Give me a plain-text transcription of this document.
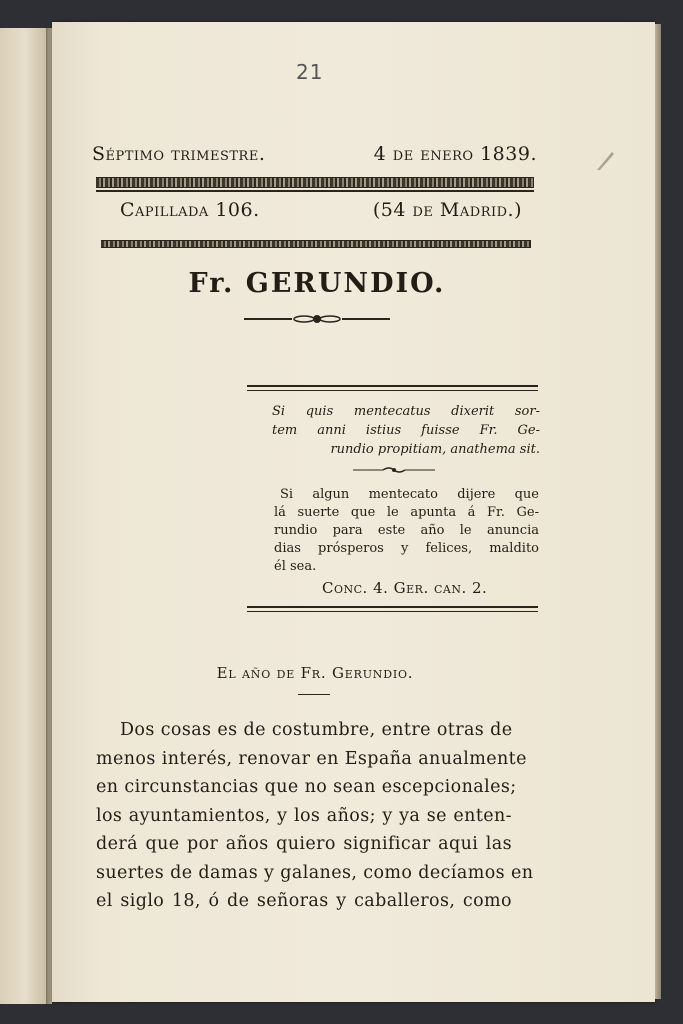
21
Séptimo trimestre.	4 de enero 1839.
Capillada 106.	(54 de Madrid.)
Fr. GERUNDIO.
Si quis mentecatus dixerit sor-
tem anni istius fuisse Fr. Ge-
rundio propitiam, anathema sit.
Si algun mentecato dijere que
lá suerte que le apunta á Fr. Ge-
rundio para este año le anuncia
dias prósperos y felices, maldito
él sea.
Conc. 4. Ger. can. 2.
El año de Fr. Gerundio.
Dos cosas es de costumbre, entre otras de
menos interés, renovar en España anualmente
en circunstancias que no sean escepcionales;
los ayuntamientos, y los años; y ya se enten-
derá que por años quiero significar aqui las
suertes de damas y galanes, como decíamos en
el siglo 18, ó de señoras y caballeros, como
